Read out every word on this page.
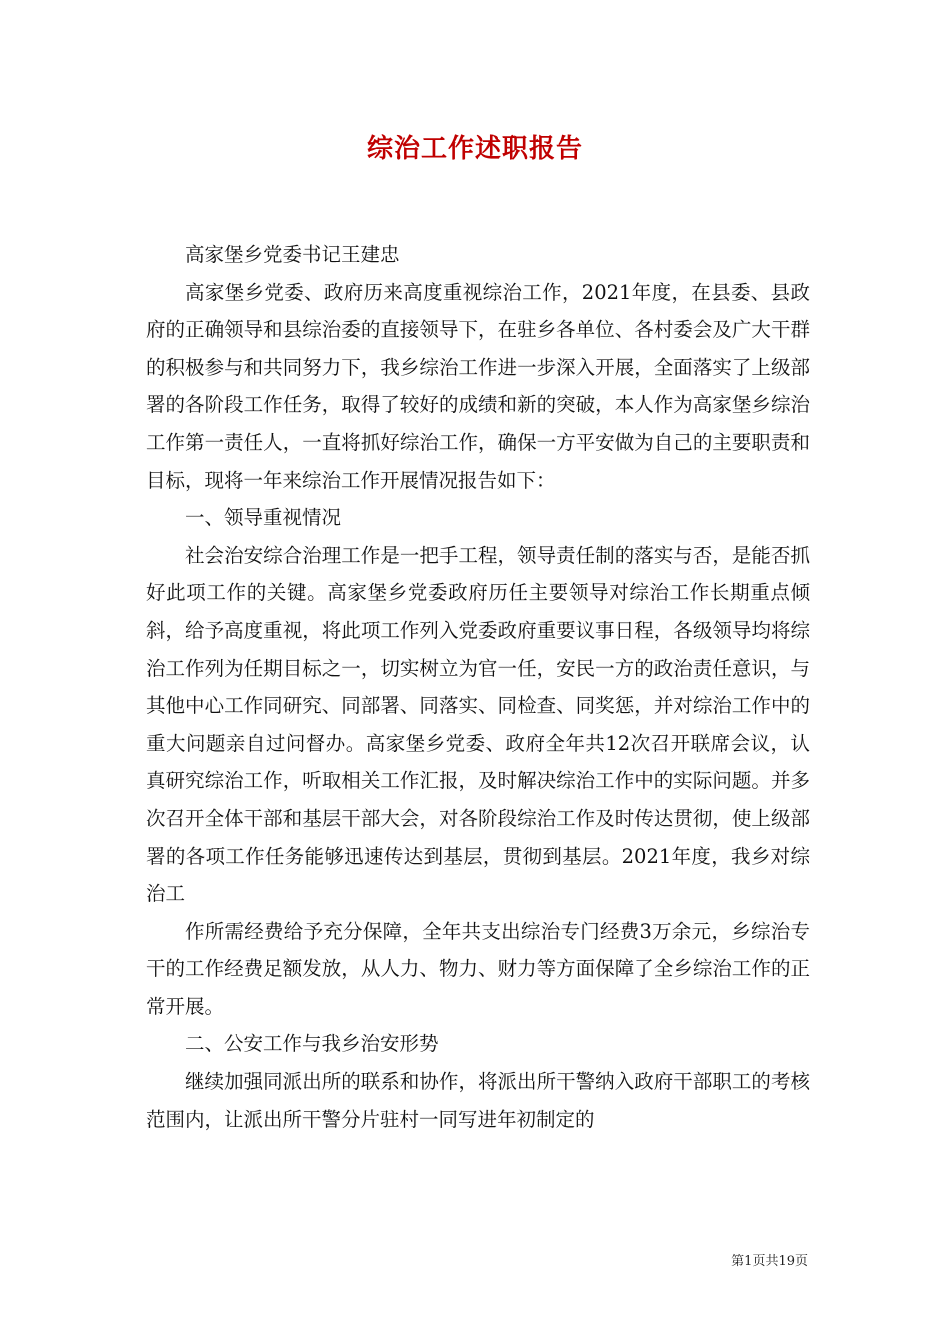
综治工作述职报告

高家堡乡党委书记王建忠

高家堡乡党委、政府历来高度重视综治工作，2021年度，在县委、县政府的正确领导和县综治委的直接领导下，在驻乡各单位、各村委会及广大干群的积极参与和共同努力下，我乡综治工作进一步深入开展，全面落实了上级部署的各阶段工作任务，取得了较好的成绩和新的突破，本人作为高家堡乡综治工作第一责任人，一直将抓好综治工作，确保一方平安做为自己的主要职责和目标，现将一年来综治工作开展情况报告如下：

一、领导重视情况

社会治安综合治理工作是一把手工程，领导责任制的落实与否，是能否抓好此项工作的关键。高家堡乡党委政府历任主要领导对综治工作长期重点倾斜，给予高度重视，将此项工作列入党委政府重要议事日程，各级领导均将综治工作列为任期目标之一，切实树立为官一任，安民一方的政治责任意识，与其他中心工作同研究、同部署、同落实、同检查、同奖惩，并对综治工作中的重大问题亲自过问督办。高家堡乡党委、政府全年共12次召开联席会议，认真研究综治工作，听取相关工作汇报，及时解决综治工作中的实际问题。并多次召开全体干部和基层干部大会，对各阶段综治工作及时传达贯彻，使上级部署的各项工作任务能够迅速传达到基层，贯彻到基层。2021年度，我乡对综治工

作所需经费给予充分保障，全年共支出综治专门经费3万余元，乡综治专干的工作经费足额发放，从人力、物力、财力等方面保障了全乡综治工作的正常开展。

二、公安工作与我乡治安形势

继续加强同派出所的联系和协作，将派出所干警纳入政府干部职工的考核范围内，让派出所干警分片驻村一同写进年初制定的

第1页共19页
